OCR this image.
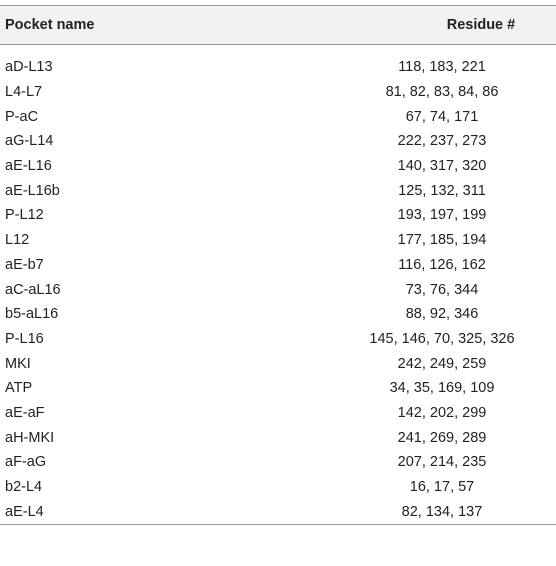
Pocket name	Residue #

aD-L13	118, 183, 221
L4-L7	81, 82, 83, 84, 86
P-aC	67, 74, 171
aG-L14	222, 237, 273
aE-L16	140, 317, 320
aE-L16b	125, 132, 311
P-L12	193, 197, 199
L12	177, 185, 194
aE-b7	116, 126, 162
aC-aL16	73, 76, 344
b5-aL16	88, 92, 346
P-L16	145, 146, 70, 325, 326
MKI	242, 249, 259
ATP	34, 35, 169, 109
aE-aF	142, 202, 299
aH-MKI	241, 269, 289
aF-aG	207, 214, 235
b2-L4	16, 17, 57
aE-L4	82, 134, 137
